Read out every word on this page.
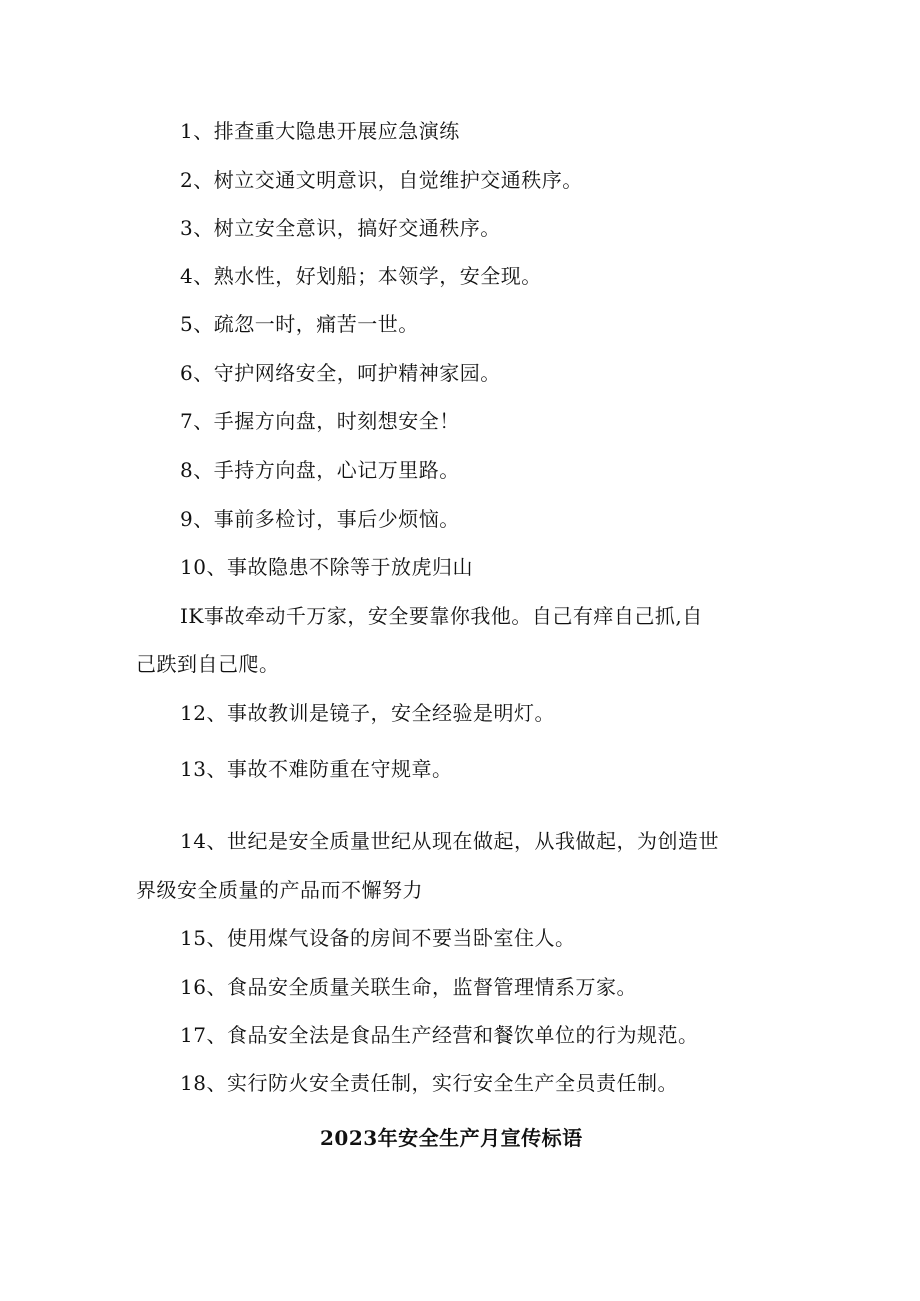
1、排查重大隐患开展应急演练
2、树立交通文明意识，自觉维护交通秩序。
3、树立安全意识，搞好交通秩序。
4、熟水性，好划船；本领学，安全现。
5、疏忽一时，痛苦一世。
6、守护网络安全，呵护精神家园。
7、手握方向盘，时刻想安全！
8、手持方向盘，心记万里路。
9、事前多检讨，事后少烦恼。
10、事故隐患不除等于放虎归山
IK事故牵动千万家，安全要靠你我他。自己有痒自己抓,自
己跌到自己爬。
12、事故教训是镜子，安全经验是明灯。
13、事故不难防重在守规章。
14、世纪是安全质量世纪从现在做起，从我做起，为创造世
界级安全质量的产品而不懈努力
15、使用煤气设备的房间不要当卧室住人。
16、食品安全质量关联生命，监督管理情系万家。
17、食品安全法是食品生产经营和餐饮单位的行为规范。
18、实行防火安全责任制，实行安全生产全员责任制。
2023年安全生产月宣传标语
